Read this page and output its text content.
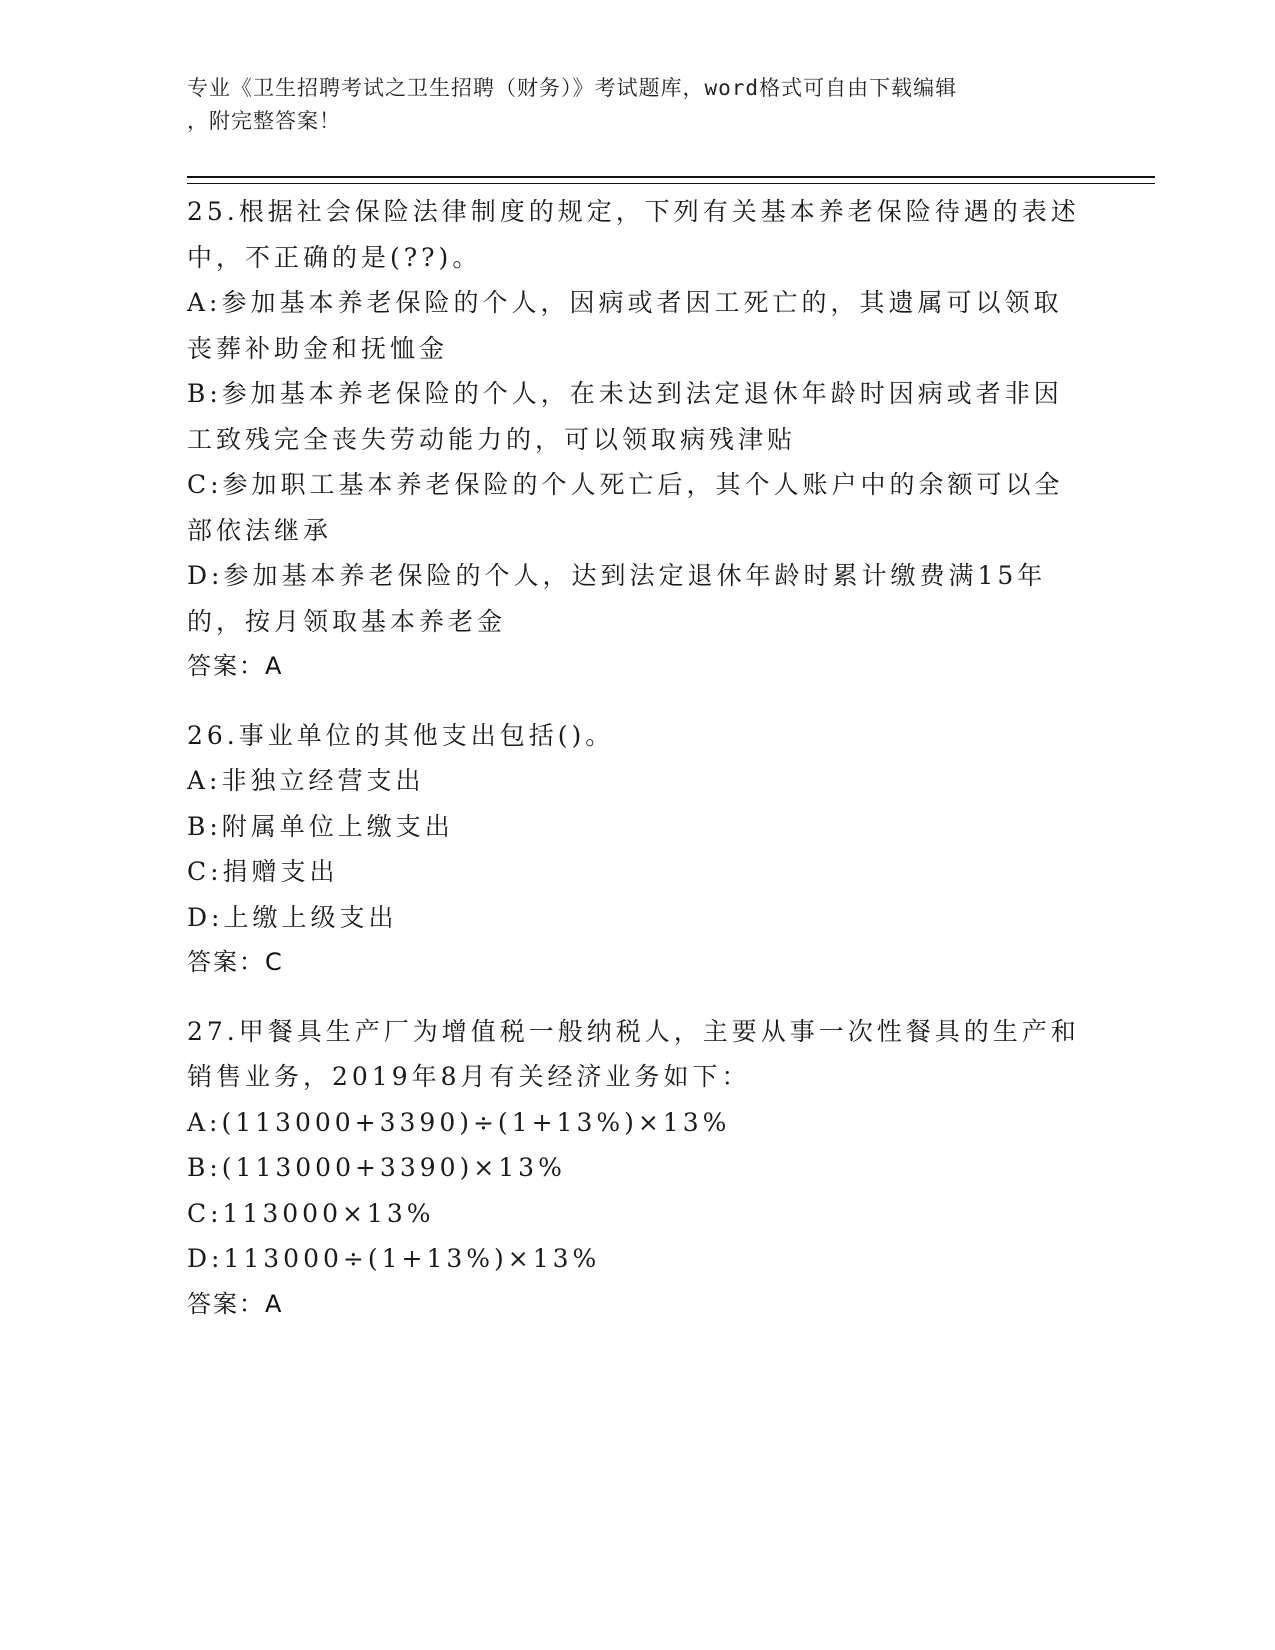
专业《卫生招聘考试之卫生招聘（财务）》考试题库，word格式可自由下载编辑
，附完整答案！
25.根据社会保险法律制度的规定，下列有关基本养老保险待遇的表述
中，不正确的是(??)。
A:参加基本养老保险的个人，因病或者因工死亡的，其遗属可以领取
丧葬补助金和抚恤金
B:参加基本养老保险的个人，在未达到法定退休年龄时因病或者非因
工致残完全丧失劳动能力的，可以领取病残津贴
C:参加职工基本养老保险的个人死亡后，其个人账户中的余额可以全
部依法继承
D:参加基本养老保险的个人，达到法定退休年龄时累计缴费满15年
的，按月领取基本养老金
答案：A
26.事业单位的其他支出包括()。
A:非独立经营支出
B:附属单位上缴支出
C:捐赠支出
D:上缴上级支出
答案：C
27.甲餐具生产厂为增值税一般纳税人，主要从事一次性餐具的生产和
销售业务，2019年8月有关经济业务如下：
A:(113000+3390)÷(1+13%)×13%
B:(113000+3390)×13%
C:113000×13%
D:113000÷(1+13%)×13%
答案：A
